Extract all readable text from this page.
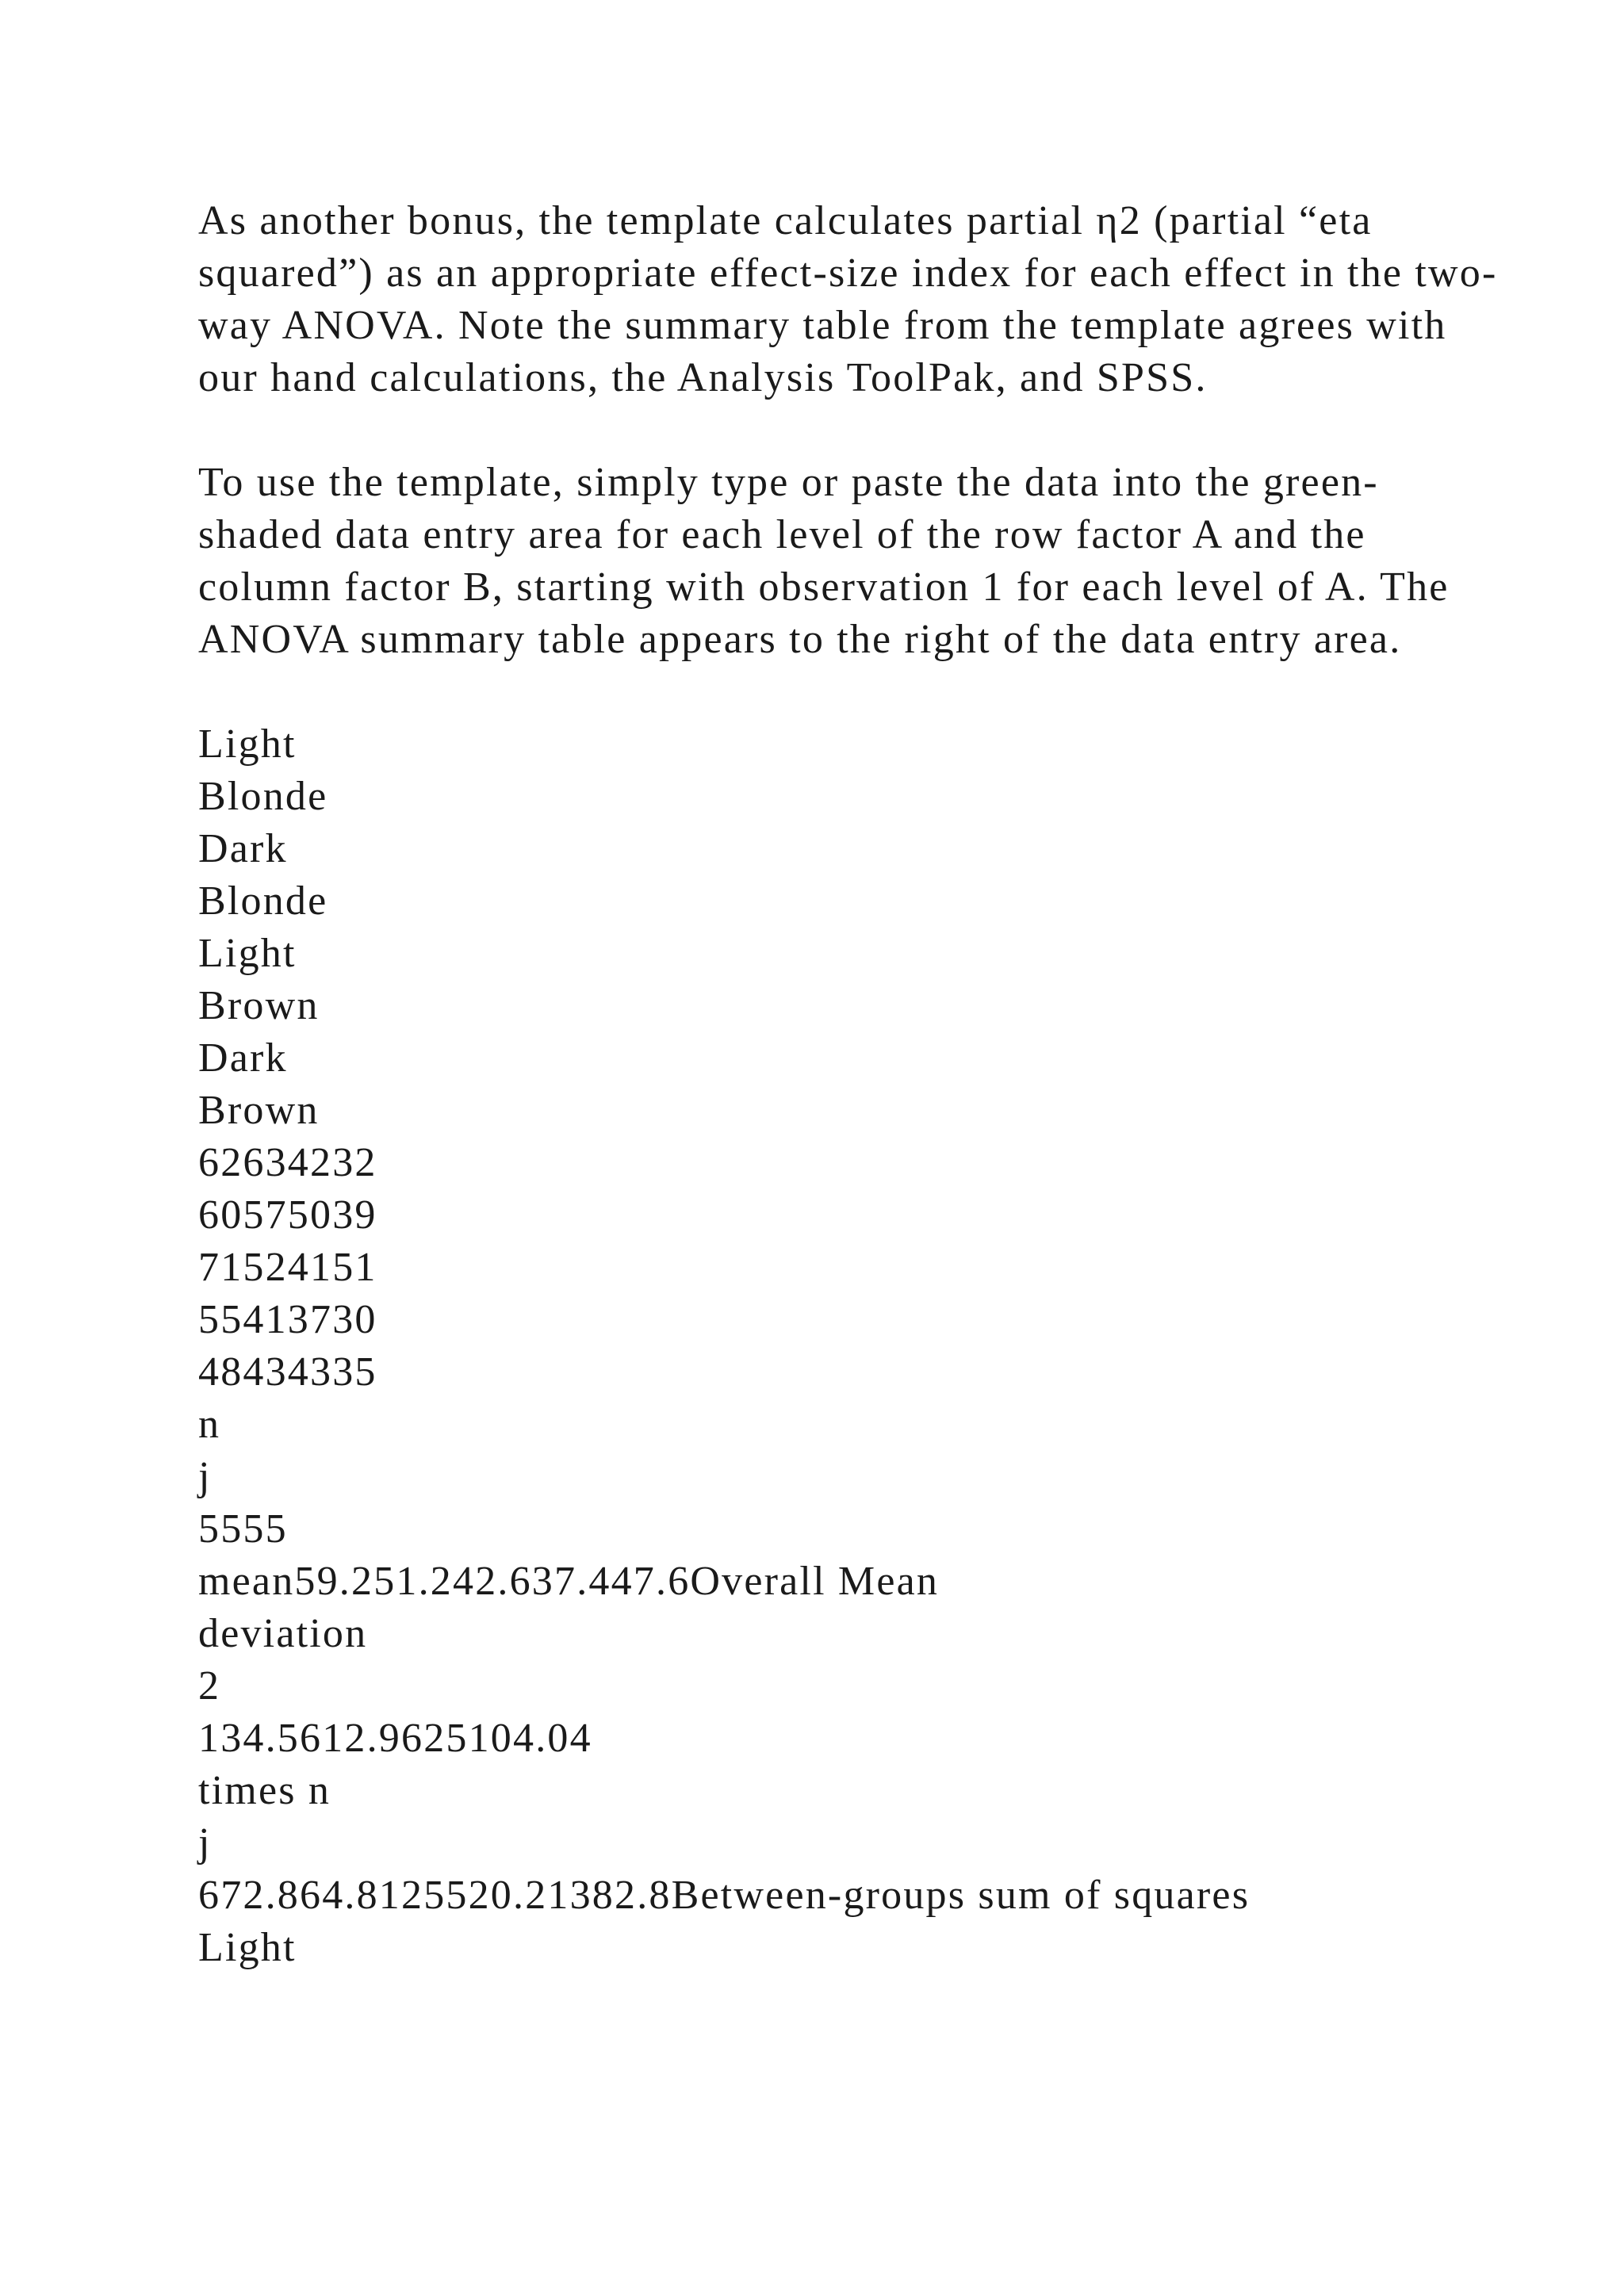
As another bonus, the template calculates partial η2 (partial “eta squared”) as an appropriate effect-size index for each effect in the two-way ANOVA. Note the summary table from the template agrees with our hand calculations, the Analysis ToolPak, and SPSS.

To use the template, simply type or paste the data into the green-shaded data entry area for each level of the row factor A and the column factor B, starting with observation 1 for each level of A. The ANOVA summary table appears to the right of the data entry area.

Light
Blonde
Dark
Blonde
Light
Brown
Dark
Brown
62634232
60575039
71524151
55413730
48434335
n
j
5555
mean59.251.242.637.447.6Overall Mean
deviation
2
134.5612.9625104.04
times n
j
672.864.8125520.21382.8Between-groups sum of squares
Light
